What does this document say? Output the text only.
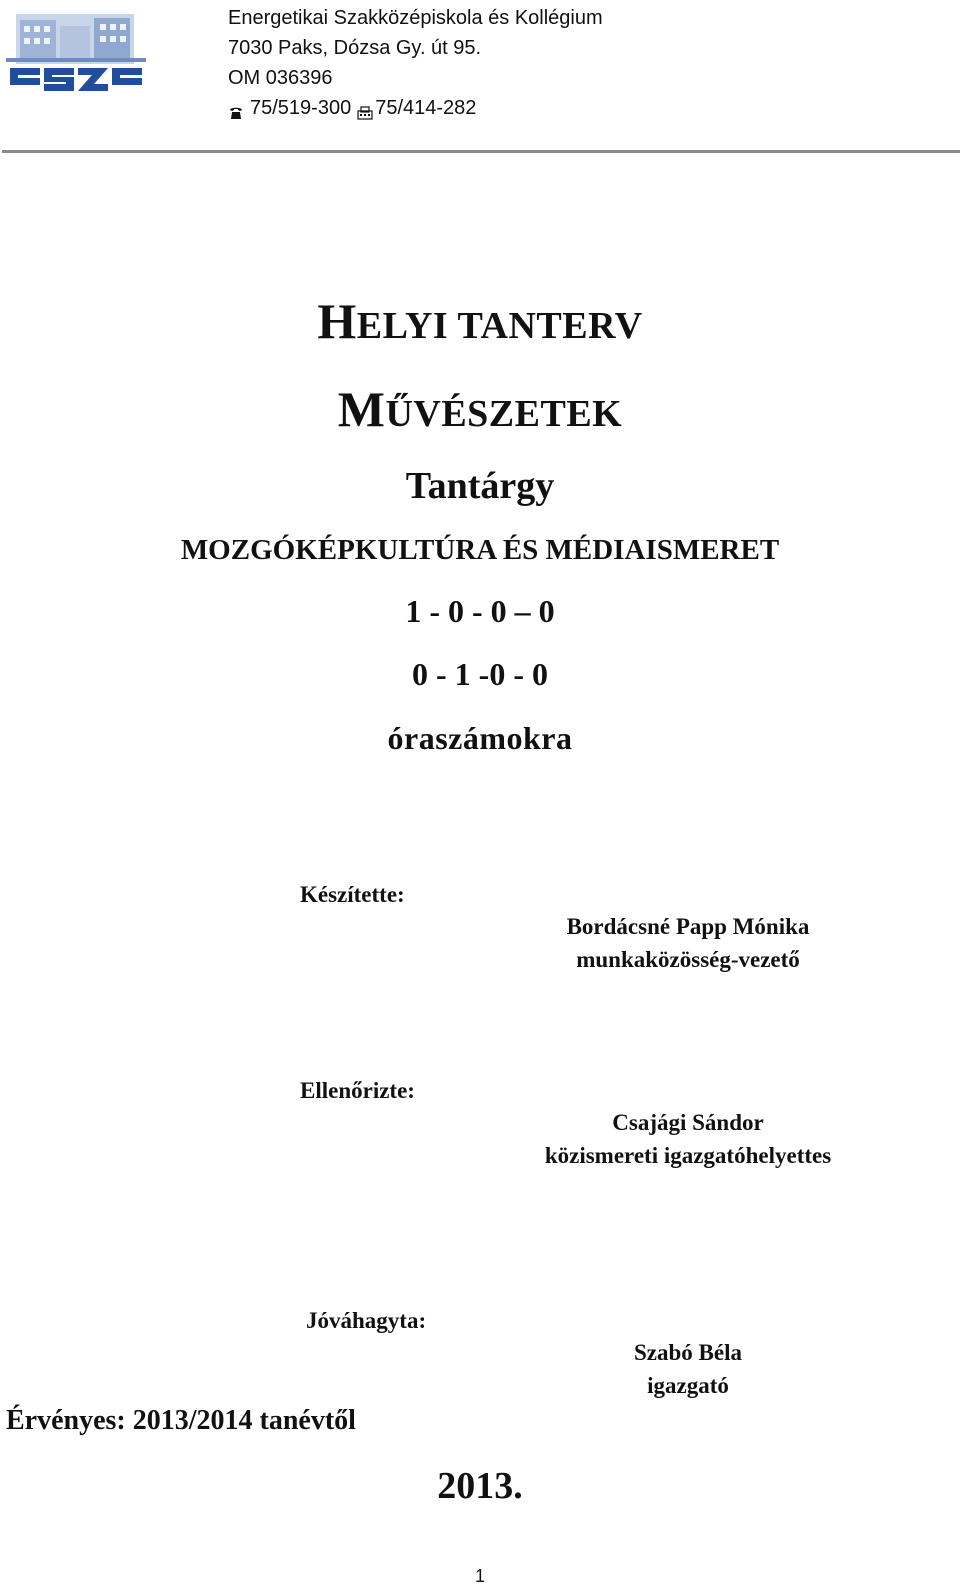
Energetikai Szakközépiskola és Kollégium
7030 Paks, Dózsa Gy. út 95.
OM 036396
75/519-300 75/414-282
HELYI TANTERV
MŰVÉSZETEK
Tantárgy
MOZGÓKÉPKULTÚRA ÉS MÉDIAISMERET
1 - 0 - 0 – 0
0 - 1 -0 - 0
óraszámokra
Készítette:
Bordácsné Papp Mónika
munkaközösség-vezető
Ellenőrizte:
Csajági Sándor
közismereti igazgatóhelyettes
Jóváhagyta:
Szabó Béla
igazgató
Érvényes: 2013/2014 tanévtől
2013.
1
